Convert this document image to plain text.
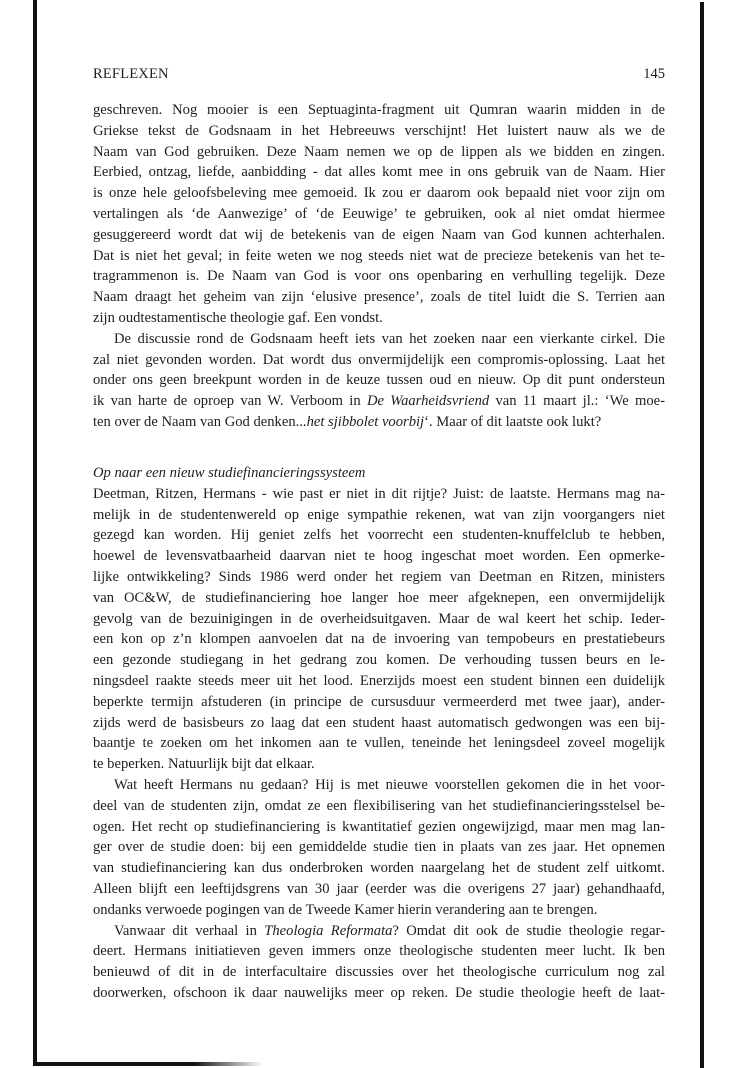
REFLEXEN	145
geschreven. Nog mooier is een Septuaginta-fragment uit Qumran waarin midden in de
Griekse tekst de Godsnaam in het Hebreeuws verschijnt! Het luistert nauw als we de
Naam van God gebruiken. Deze Naam nemen we op de lippen als we bidden en zingen.
Eerbied, ontzag, liefde, aanbidding - dat alles komt mee in ons gebruik van de Naam. Hier
is onze hele geloofsbeleving mee gemoeid. Ik zou er daarom ook bepaald niet voor zijn om
vertalingen als ‘de Aanwezige’ of ‘de Eeuwige’ te gebruiken, ook al niet omdat hiermee
gesuggereerd wordt dat wij de betekenis van de eigen Naam van God kunnen achterhalen.
Dat is niet het geval; in feite weten we nog steeds niet wat de precieze betekenis van het te-
tragrammenon is. De Naam van God is voor ons openbaring en verhulling tegelijk. Deze
Naam draagt het geheim van zijn ‘elusive presence’, zoals de titel luidt die S. Terrien aan
zijn oudtestamentische theologie gaf. Een vondst.
De discussie rond de Godsnaam heeft iets van het zoeken naar een vierkante cirkel. Die
zal niet gevonden worden. Dat wordt dus onvermijdelijk een compromis-oplossing. Laat het
onder ons geen breekpunt worden in de keuze tussen oud en nieuw. Op dit punt ondersteun
ik van harte de oproep van W. Verboom in De Waarheidsvriend van 11 maart jl.: ‘We moe-
ten over de Naam van God denken...het sjibbolet voorbij‘. Maar of dit laatste ook lukt?
Op naar een nieuw studiefinancieringssysteem
Deetman, Ritzen, Hermans - wie past er niet in dit rijtje? Juist: de laatste. Hermans mag na-
melijk in de studentenwereld op enige sympathie rekenen, wat van zijn voorgangers niet
gezegd kan worden. Hij geniet zelfs het voorrecht een studenten-knuffelclub te hebben,
hoewel de levensvatbaarheid daarvan niet te hoog ingeschat moet worden. Een opmerke-
lijke ontwikkeling? Sinds 1986 werd onder het regiem van Deetman en Ritzen, ministers
van OC&W, de studiefinanciering hoe langer hoe meer afgeknepen, een onvermijdelijk
gevolg van de bezuinigingen in de overheidsuitgaven. Maar de wal keert het schip. Ieder-
een kon op z’n klompen aanvoelen dat na de invoering van tempobeurs en prestatiebeurs
een gezonde studiegang in het gedrang zou komen. De verhouding tussen beurs en le-
ningsdeel raakte steeds meer uit het lood. Enerzijds moest een student binnen een duidelijk
beperkte termijn afstuderen (in principe de cursusduur vermeerderd met twee jaar), ander-
zijds werd de basisbeurs zo laag dat een student haast automatisch gedwongen was een bij-
baantje te zoeken om het inkomen aan te vullen, teneinde het leningsdeel zoveel mogelijk
te beperken. Natuurlijk bijt dat elkaar.
Wat heeft Hermans nu gedaan? Hij is met nieuwe voorstellen gekomen die in het voor-
deel van de studenten zijn, omdat ze een flexibilisering van het studiefinancieringsstelsel be-
ogen. Het recht op studiefinanciering is kwantitatief gezien ongewijzigd, maar men mag lan-
ger over de studie doen: bij een gemiddelde studie tien in plaats van zes jaar. Het opnemen
van studiefinanciering kan dus onderbroken worden naargelang het de student zelf uitkomt.
Alleen blijft een leeftijdsgrens van 30 jaar (eerder was die overigens 27 jaar) gehandhaafd,
ondanks verwoede pogingen van de Tweede Kamer hierin verandering aan te brengen.
Vanwaar dit verhaal in Theologia Reformata? Omdat dit ook de studie theologie regar-
deert. Hermans initiatieven geven immers onze theologische studenten meer lucht. Ik ben
benieuwd of dit in de interfacultaire discussies over het theologische curriculum nog zal
doorwerken, ofschoon ik daar nauwelijks meer op reken. De studie theologie heeft de laat-
